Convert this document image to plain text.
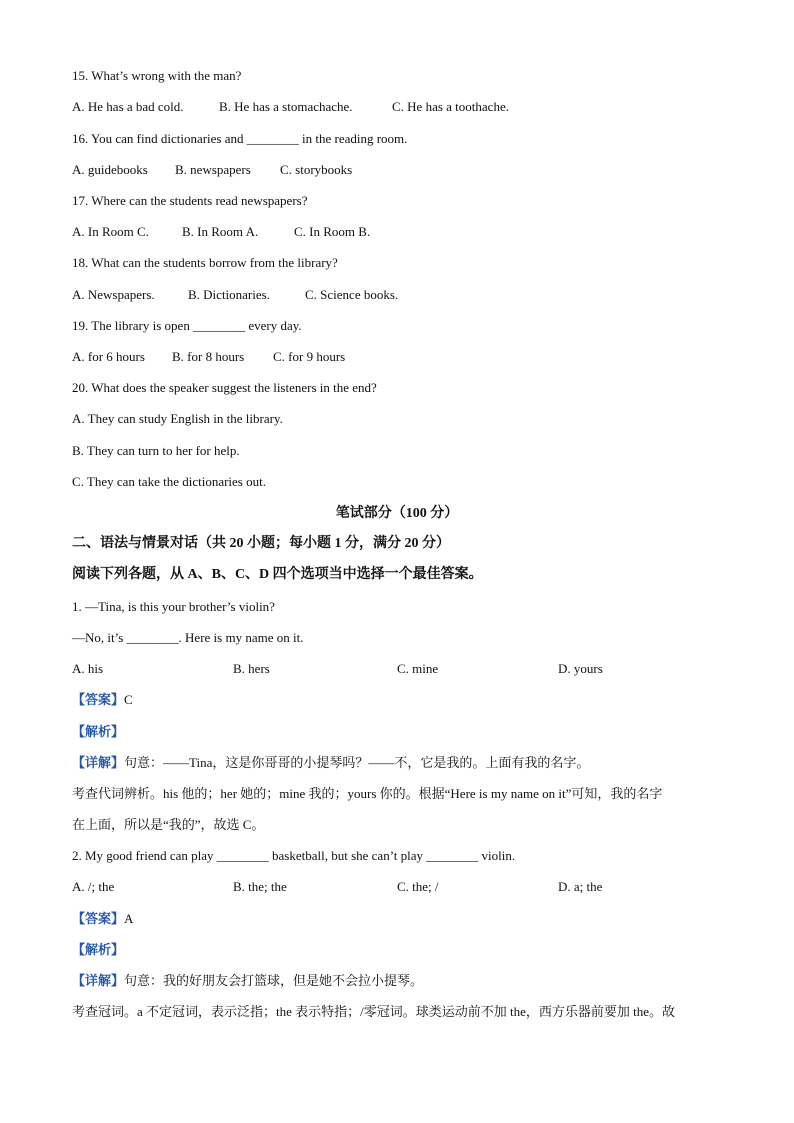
15. What’s wrong with the man?
A. He has a bad cold.	B. He has a stomachache.	C. He has a toothache.
16. You can find dictionaries and ________ in the reading room.
A. guidebooks B. newspapers C. storybooks
17. Where can the students read newspapers?
A. In Room C.	B. In Room A.	C. In Room B.
18. What can the students borrow from the library?
A. Newspapers.	B. Dictionaries.	C. Science books.
19. The library is open ________ every day.
A. for 6 hours B. for 8 hours C. for 9 hours
20. What does the speaker suggest the listeners in the end?
A. They can study English in the library.
B. They can turn to her for help.
C. They can take the dictionaries out.
笔试部分（100 分）
二、语法与情景对话（共 20 小题；每小题 1 分，满分 20 分）
阅读下列各题，从 A、B、C、D 四个选项当中选择一个最佳答案。
1. —Tina, is this your brother’s violin?
—No, it’s ________. Here is my name on it.
A. his	B. hers	C. mine	D. yours
【答案】C
【解析】
【详解】句意：——Tina，这是你哥哥的小提琴吗？——不，它是我的。上面有我的名字。
考查代词辨析。his 他的；her 她的；mine 我的；yours 你的。根据“Here is my name on it”可知，我的名字
在上面，所以是“我的”，故选 C。
2. My good friend can play ________ basketball, but she can’t play ________ violin.
A. /; the	B. the; the	C. the; /	D. a; the
【答案】A
【解析】
【详解】句意：我的好朋友会打篮球，但是她不会拉小提琴。
考查冠词。a 不定冠词，表示泛指；the 表示特指；/零冠词。球类运动前不加 the，西方乐器前要加 the。故
